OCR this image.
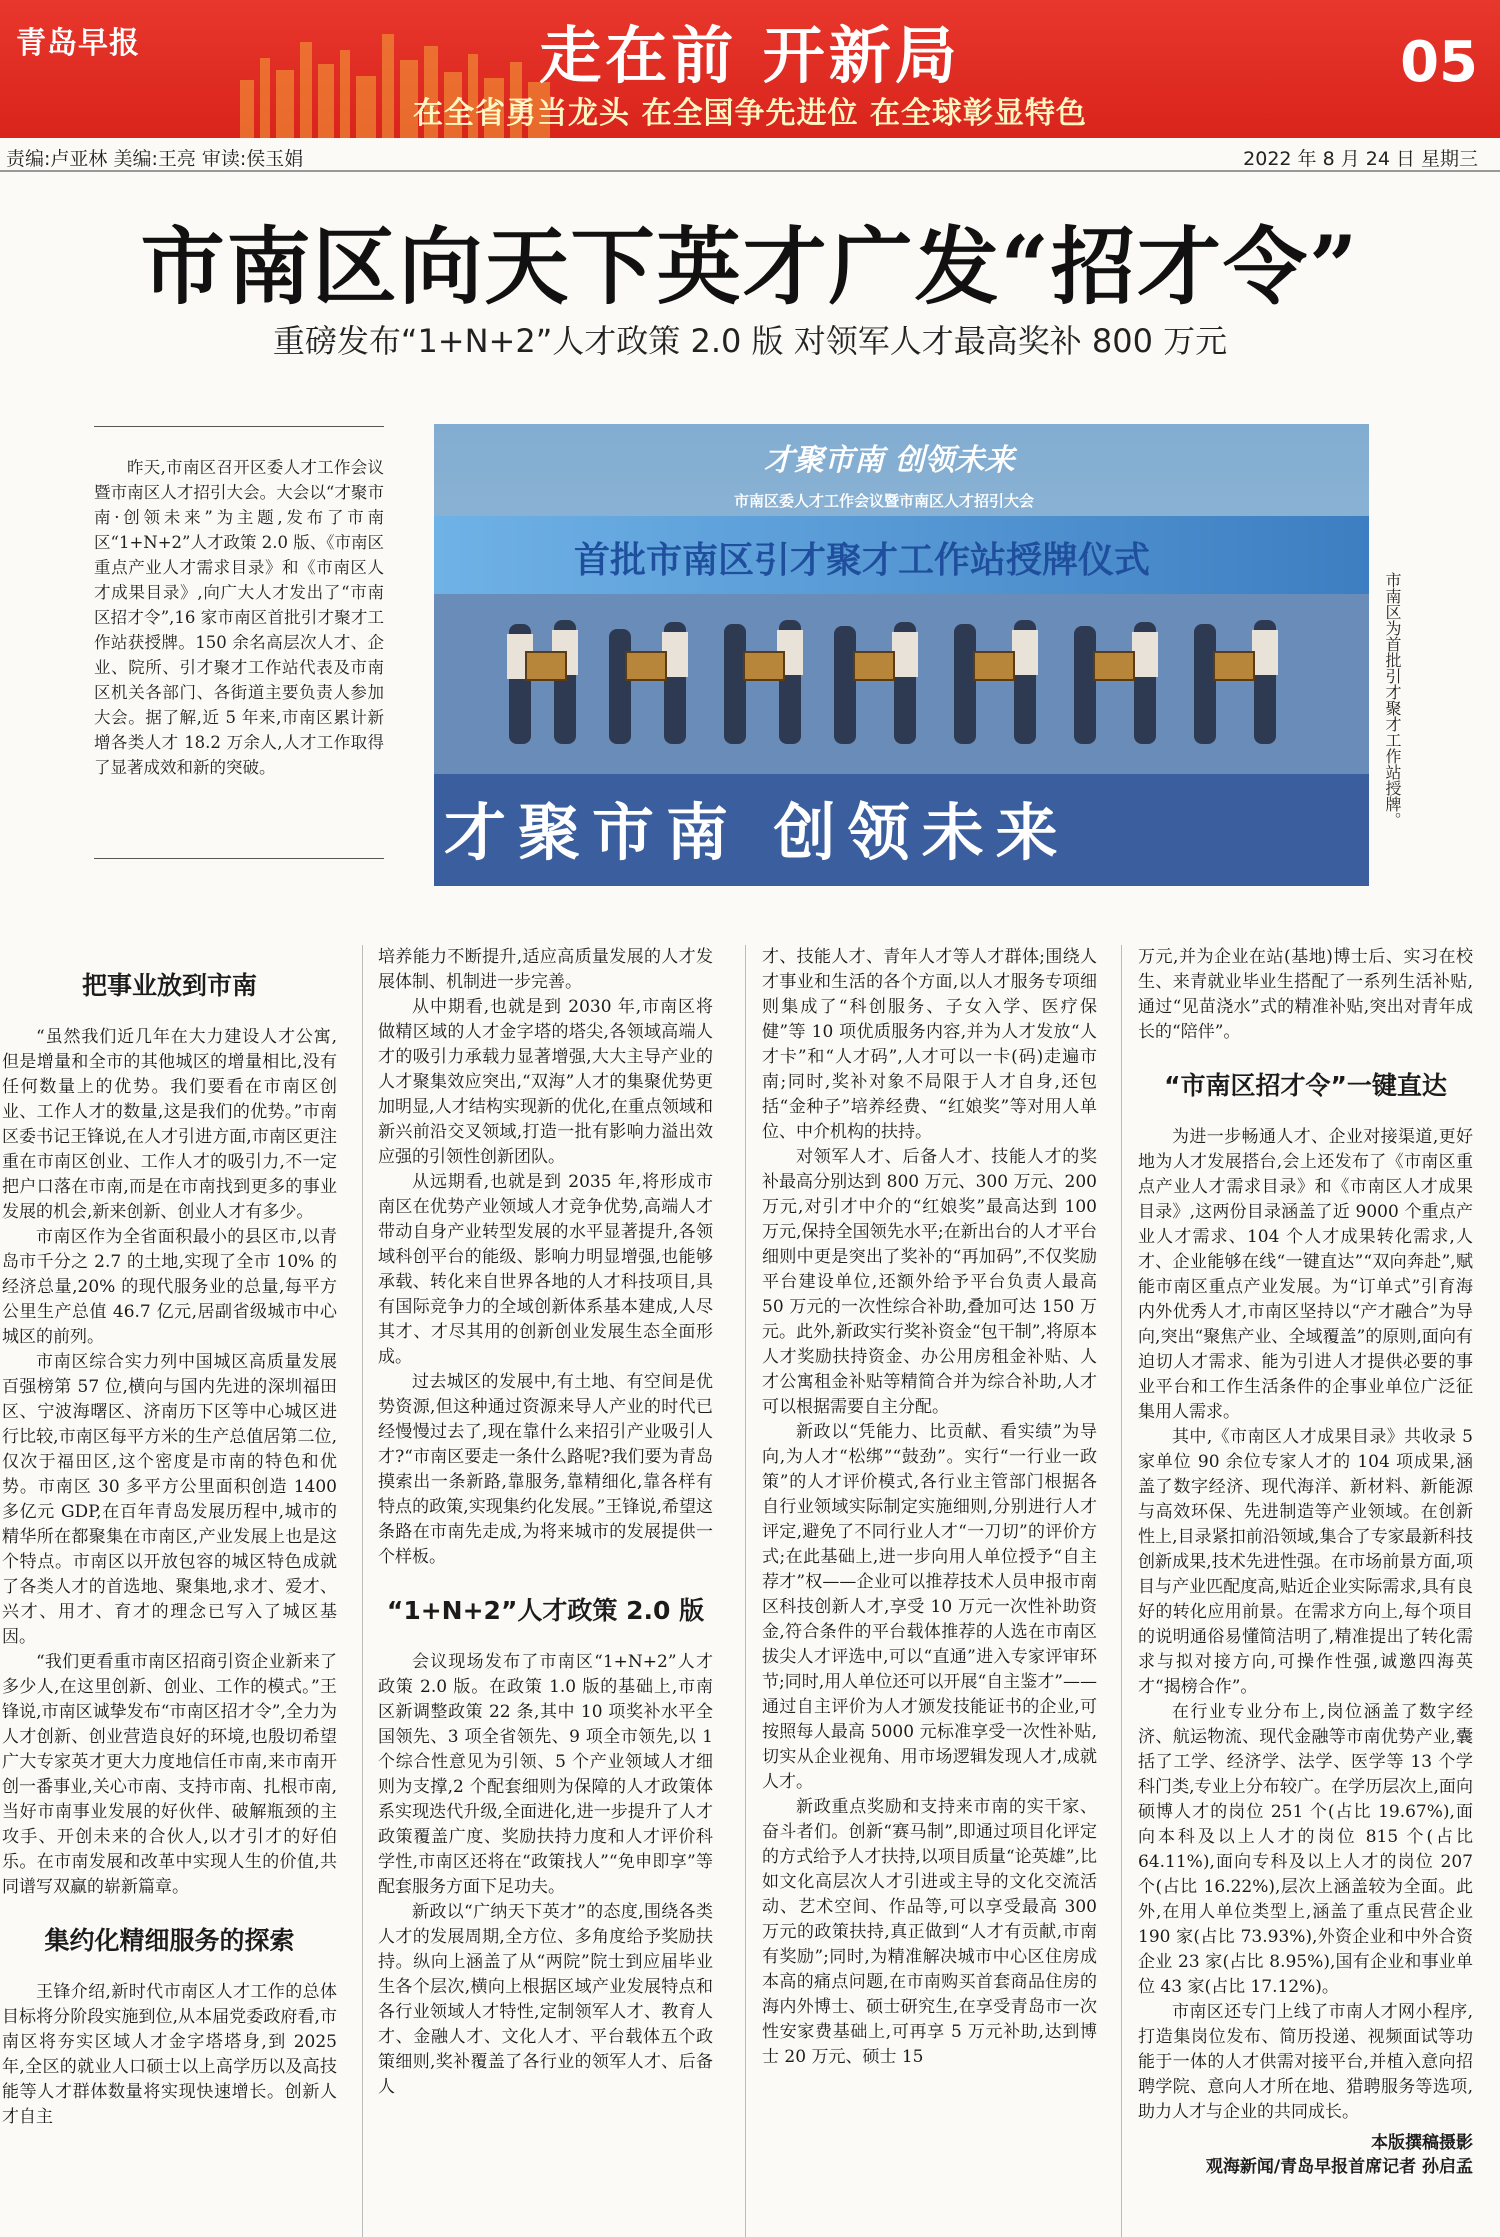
青岛早报	走在前 开新局
在全省勇当龙头 在全国争先进位 在全球彰显特色
05
责编:卢亚林 美编:王亮 审读:侯玉娟	2022 年 8 月 24 日 星期三
市南区向天下英才广发“招才令”
重磅发布“1+N+2”人才政策 2.0 版 对领军人才最高奖补 800 万元
昨天,市南区召开区委人才工作会议暨市南区人才招引大会。大会以“才聚市南·创领未来”为主题,发布了市南区“1+N+2”人才政策 2.0 版、《市南区重点产业人才需求目录》和《市南区人才成果目录》,向广大人才发出了“市南区招才令”,16 家市南区首批引才聚才工作站获授牌。150 余名高层次人才、企业、院所、引才聚才工作站代表及市南区机关各部门、各街道主要负责人参加大会。据了解,近 5 年来,市南区累计新增各类人才 18.2 万余人,人才工作取得了显著成效和新的突破。
才聚市南 创领未来
市南区委人才工作会议暨市南区人才招引大会
首批市南区引才聚才工作站授牌仪式
才聚市南 创领未来
市南区为首批引才聚才工作站授牌。
把事业放到市南

“虽然我们近几年在大力建设人才公寓,但是增量和全市的其他城区的增量相比,没有任何数量上的优势。我们要看在市南区创业、工作人才的数量,这是我们的优势。”市南区委书记王锋说,在人才引进方面,市南区更注重在市南区创业、工作人才的吸引力,不一定把户口落在市南,而是在市南找到更多的事业发展的机会,新来创新、创业人才有多少。

市南区作为全省面积最小的县区市,以青岛市千分之 2.7 的土地,实现了全市 10% 的经济总量,20% 的现代服务业的总量,每平方公里生产总值 46.7 亿元,居副省级城市中心城区的前列。

市南区综合实力列中国城区高质量发展百强榜第 57 位,横向与国内先进的深圳福田区、宁波海曙区、济南历下区等中心城区进行比较,市南区每平方米的生产总值居第二位,仅次于福田区,这个密度是市南的特色和优势。市南区 30 多平方公里面积创造 1400 多亿元 GDP,在百年青岛发展历程中,城市的精华所在都聚集在市南区,产业发展上也是这个特点。市南区以开放包容的城区特色成就了各类人才的首选地、聚集地,求才、爱才、兴才、用才、育才的理念已写入了城区基因。

“我们更看重市南区招商引资企业新来了多少人,在这里创新、创业、工作的模式。”王锋说,市南区诚挚发布“市南区招才令”,全力为人才创新、创业营造良好的环境,也殷切希望广大专家英才更大力度地信任市南,来市南开创一番事业,关心市南、支持市南、扎根市南,当好市南事业发展的好伙伴、破解瓶颈的主攻手、开创未来的合伙人,以才引才的好伯乐。在市南发展和改革中实现人生的价值,共同谱写双赢的崭新篇章。

集约化精细服务的探索

王锋介绍,新时代市南区人才工作的总体目标将分阶段实施到位,从本届党委政府看,市南区将夯实区域人才金字塔塔身,到 2025 年,全区的就业人口硕士以上高学历以及高技能等人才群体数量将实现快速增长。创新人才自主

培养能力不断提升,适应高质量发展的人才发展体制、机制进一步完善。

从中期看,也就是到 2030 年,市南区将做精区域的人才金字塔的塔尖,各领域高端人才的吸引力承载力显著增强,大大主导产业的人才聚集效应突出,“双海”人才的集聚优势更加明显,人才结构实现新的优化,在重点领域和新兴前沿交叉领域,打造一批有影响力溢出效应强的引领性创新团队。

从远期看,也就是到 2035 年,将形成市南区在优势产业领域人才竞争优势,高端人才带动自身产业转型发展的水平显著提升,各领域科创平台的能级、影响力明显增强,也能够承载、转化来自世界各地的人才科技项目,具有国际竞争力的全域创新体系基本建成,人尽其才、才尽其用的创新创业发展生态全面形成。

过去城区的发展中,有土地、有空间是优势资源,但这种通过资源来导人产业的时代已经慢慢过去了,现在靠什么来招引产业吸引人才?“市南区要走一条什么路呢?我们要为青岛摸索出一条新路,靠服务,靠精细化,靠各样有特点的政策,实现集约化发展。”王锋说,希望这条路在市南先走成,为将来城市的发展提供一个样板。

“1+N+2”人才政策 2.0 版

会议现场发布了市南区“1+N+2”人才政策 2.0 版。在政策 1.0 版的基础上,市南区新调整政策 22 条,其中 10 项奖补水平全国领先、3 项全省领先、9 项全市领先,以 1 个综合性意见为引领、5 个产业领域人才细则为支撑,2 个配套细则为保障的人才政策体系实现迭代升级,全面进化,进一步提升了人才政策覆盖广度、奖励扶持力度和人才评价科学性,市南区还将在“政策找人”“免申即享”等配套服务方面下足功夫。

新政以“广纳天下英才”的态度,围绕各类人才的发展周期,全方位、多角度给予奖励扶持。纵向上涵盖了从“两院”院士到应届毕业生各个层次,横向上根据区域产业发展特点和各行业领域人才特性,定制领军人才、教育人才、金融人才、文化人才、平台载体五个政策细则,奖补覆盖了各行业的领军人才、后备人

才、技能人才、青年人才等人才群体;围绕人才事业和生活的各个方面,以人才服务专项细则集成了“科创服务、子女入学、医疗保健”等 10 项优质服务内容,并为人才发放“人才卡”和“人才码”,人才可以一卡(码)走遍市南;同时,奖补对象不局限于人才自身,还包括“金种子”培养经费、“红娘奖”等对用人单位、中介机构的扶持。

对领军人才、后备人才、技能人才的奖补最高分别达到 800 万元、300 万元、200 万元,对引才中介的“红娘奖”最高达到 100 万元,保持全国领先水平;在新出台的人才平台细则中更是突出了奖补的“再加码”,不仅奖励平台建设单位,还额外给予平台负责人最高 50 万元的一次性综合补助,叠加可达 150 万元。此外,新政实行奖补资金“包干制”,将原本人才奖励扶持资金、办公用房租金补贴、人才公寓租金补贴等精简合并为综合补助,人才可以根据需要自主分配。

新政以“凭能力、比贡献、看实绩”为导向,为人才“松绑”“鼓劲”。实行“一行业一政策”的人才评价模式,各行业主管部门根据各自行业领域实际制定实施细则,分别进行人才评定,避免了不同行业人才“一刀切”的评价方式;在此基础上,进一步向用人单位授予“自主荐才”权——企业可以推荐技术人员申报市南区科技创新人才,享受 10 万元一次性补助资金,符合条件的平台载体推荐的人选在市南区拔尖人才评选中,可以“直通”进入专家评审环节;同时,用人单位还可以开展“自主鉴才”——通过自主评价为人才颁发技能证书的企业,可按照每人最高 5000 元标准享受一次性补贴,切实从企业视角、用市场逻辑发现人才,成就人才。

新政重点奖励和支持来市南的实干家、奋斗者们。创新“赛马制”,即通过项目化评定的方式给予人才扶持,以项目质量“论英雄”,比如文化高层次人才引进或主导的文化交流活动、艺术空间、作品等,可以享受最高 300 万元的政策扶持,真正做到“人才有贡献,市南有奖励”;同时,为精准解决城市中心区住房成本高的痛点问题,在市南购买首套商品住房的海内外博士、硕士研究生,在享受青岛市一次性安家费基础上,可再享 5 万元补助,达到博士 20 万元、硕士 15

万元,并为企业在站(基地)博士后、实习在校生、来青就业毕业生搭配了一系列生活补贴,通过“见苗浇水”式的精准补贴,突出对青年成长的“陪伴”。

“市南区招才令”一键直达

为进一步畅通人才、企业对接渠道,更好地为人才发展搭台,会上还发布了《市南区重点产业人才需求目录》和《市南区人才成果目录》,这两份目录涵盖了近 9000 个重点产业人才需求、104 个人才成果转化需求,人才、企业能够在线“一键直达”“双向奔赴”,赋能市南区重点产业发展。为“订单式”引育海内外优秀人才,市南区坚持以“产才融合”为导向,突出“聚焦产业、全域覆盖”的原则,面向有迫切人才需求、能为引进人才提供必要的事业平台和工作生活条件的企事业单位广泛征集用人需求。

其中,《市南区人才成果目录》共收录 5 家单位 90 余位专家人才的 104 项成果,涵盖了数字经济、现代海洋、新材料、新能源与高效环保、先进制造等产业领域。在创新性上,目录紧扣前沿领域,集合了专家最新科技创新成果,技术先进性强。在市场前景方面,项目与产业匹配度高,贴近企业实际需求,具有良好的转化应用前景。在需求方向上,每个项目的说明通俗易懂简洁明了,精准提出了转化需求与拟对接方向,可操作性强,诚邀四海英才“揭榜合作”。

在行业专业分布上,岗位涵盖了数字经济、航运物流、现代金融等市南优势产业,囊括了工学、经济学、法学、医学等 13 个学科门类,专业上分布较广。在学历层次上,面向硕博人才的岗位 251 个(占比 19.67%),面向本科及以上人才的岗位 815 个(占比 64.11%),面向专科及以上人才的岗位 207 个(占比 16.22%),层次上涵盖较为全面。此外,在用人单位类型上,涵盖了重点民营企业 190 家(占比 73.93%),外资企业和中外合资企业 23 家(占比 8.95%),国有企业和事业单位 43 家(占比 17.12%)。

市南区还专门上线了市南人才网小程序,打造集岗位发布、简历投递、视频面试等功能于一体的人才供需对接平台,并植入意向招聘学院、意向人才所在地、猎聘服务等选项,助力人才与企业的共同成长。

本版撰稿摄影
观海新闻/青岛早报首席记者 孙启孟
